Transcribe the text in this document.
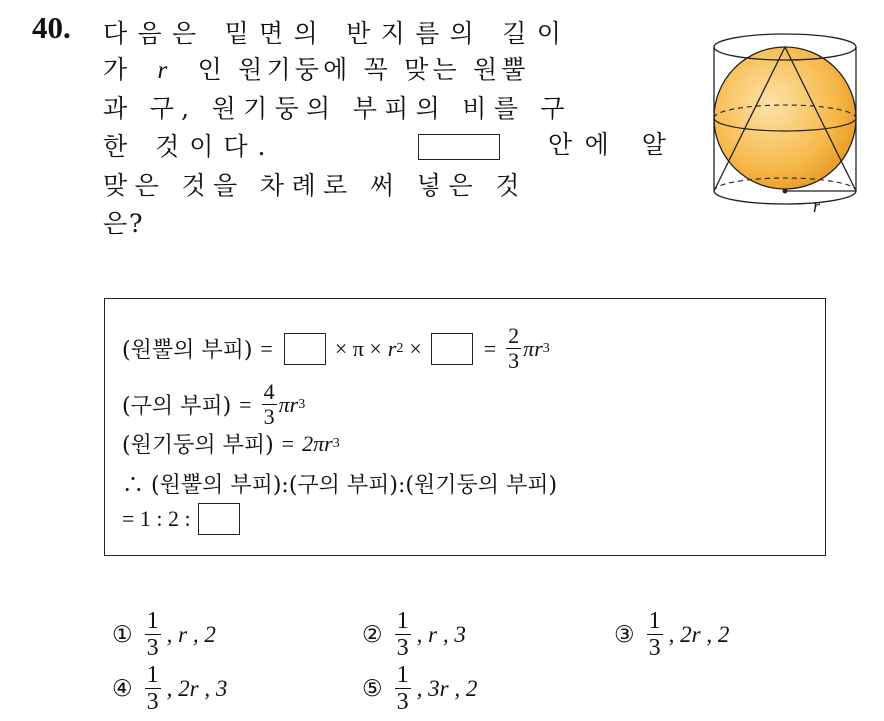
40. 다음은 밑면의 반지름의 길이
가 r 인 원기둥에 꼭 맞는 원뿔
과 구, 원기둥의 부피의 비를 구
한 것이다.	안에 알
맞은 것을 차례로 써 넣은 것
은?
r
(원뿔의 부피) =	× π × r 2 ×	= $\frac{2}{3}$ πr 3
(구의 부피) = $\frac{4}{3}$ πr 3
(원기둥의 부피) = 2πr 3
∴ (원뿔의 부피):(구의 부피):(원기둥의 부피)
= 1 : 2 :
① $\frac{1}{3}$ , r , 2	② $\frac{1}{3}$ , r , 3	③ $\frac{1}{3}$ , 2r , 2
④ $\frac{1}{3}$ , 2r , 3	⑤ $\frac{1}{3}$ , 3r , 2
